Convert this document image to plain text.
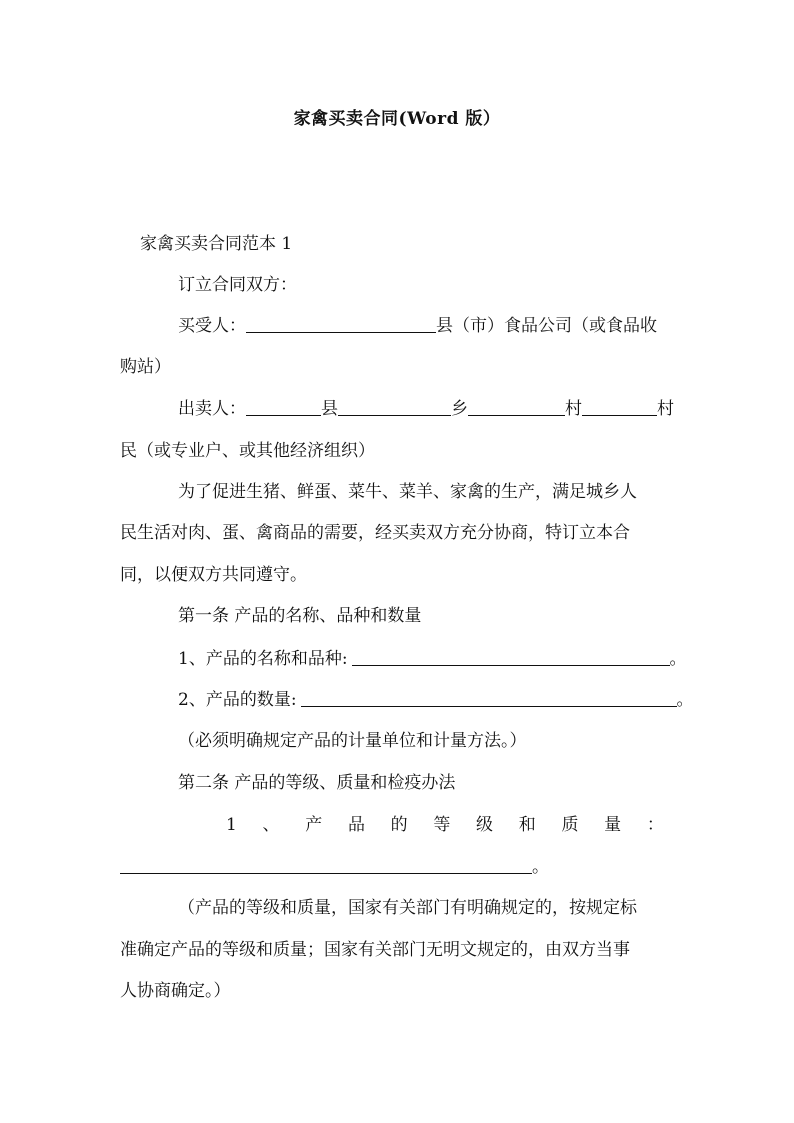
家禽买卖合同(Word 版）
家禽买卖合同范本 1
订立合同双方：
买受人：	县（市）食品公司（或食品收
购站）
出卖人：	县	乡	村	村
民（或专业户、或其他经济组织）
为了促进生猪、鲜蛋、菜牛、菜羊、家禽的生产，满足城乡人
民生活对肉、蛋、禽商品的需要，经买卖双方充分协商，特订立本合
同，以便双方共同遵守。
第一条 产品的名称、品种和数量
1、产品的名称和品种:	。
2、产品的数量:	。
（必须明确规定产品的计量单位和计量方法。）
第二条 产品的等级、质量和检疫办法
1 、 产 品 的 等 级 和 质 量 ：
。
（产品的等级和质量，国家有关部门有明确规定的，按规定标
准确定产品的等级和质量；国家有关部门无明文规定的，由双方当事
人协商确定。）
